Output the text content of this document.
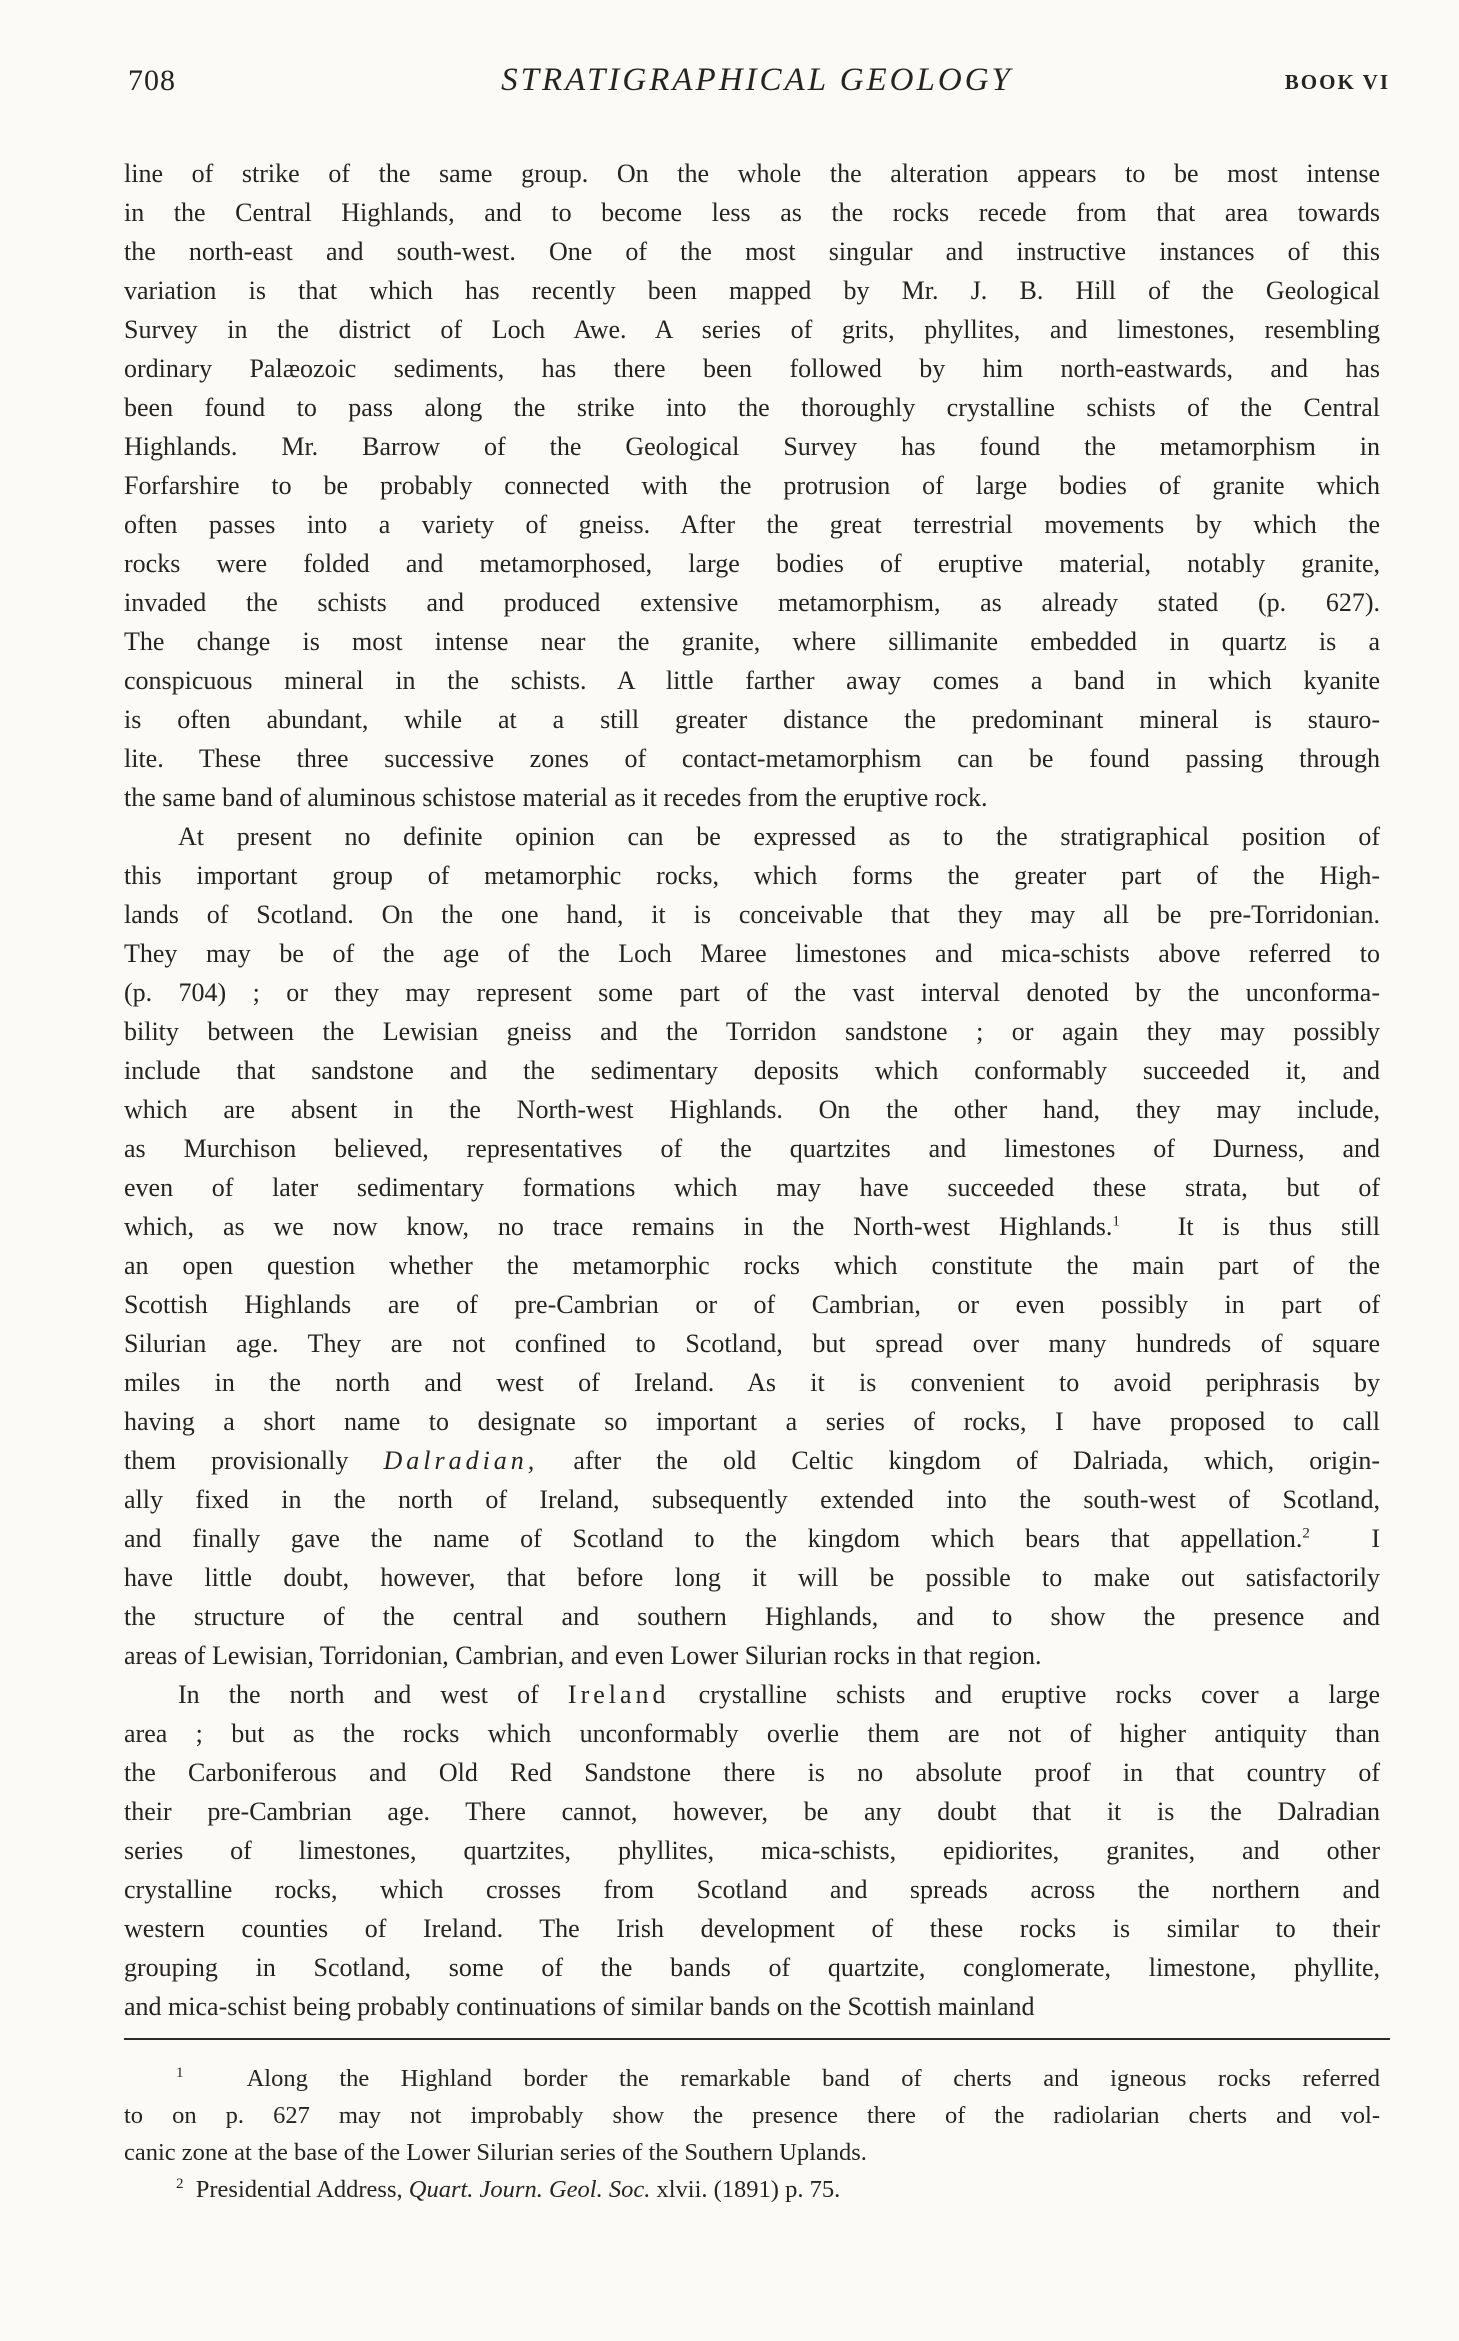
708	STRATIGRAPHICAL GEOLOGY	BOOK VI
line of strike of the same group. On the whole the alteration appears to be most intense
in the Central Highlands, and to become less as the rocks recede from that area towards
the north-east and south-west. One of the most singular and instructive instances of this
variation is that which has recently been mapped by Mr. J. B. Hill of the Geological
Survey in the district of Loch Awe. A series of grits, phyllites, and limestones, resembling
ordinary Palæozoic sediments, has there been followed by him north-eastwards, and has
been found to pass along the strike into the thoroughly crystalline schists of the Central
Highlands. Mr. Barrow of the Geological Survey has found the metamorphism in
Forfarshire to be probably connected with the protrusion of large bodies of granite which
often passes into a variety of gneiss. After the great terrestrial movements by which the
rocks were folded and metamorphosed, large bodies of eruptive material, notably granite,
invaded the schists and produced extensive metamorphism, as already stated (p. 627).
The change is most intense near the granite, where sillimanite embedded in quartz is a
conspicuous mineral in the schists. A little farther away comes a band in which kyanite
is often abundant, while at a still greater distance the predominant mineral is stauro-
lite. These three successive zones of contact-metamorphism can be found passing through
the same band of aluminous schistose material as it recedes from the eruptive rock.
At present no definite opinion can be expressed as to the stratigraphical position of
this important group of metamorphic rocks, which forms the greater part of the High-
lands of Scotland. On the one hand, it is conceivable that they may all be pre-Torridonian.
They may be of the age of the Loch Maree limestones and mica-schists above referred to
(p. 704) ; or they may represent some part of the vast interval denoted by the unconforma-
bility between the Lewisian gneiss and the Torridon sandstone ; or again they may possibly
include that sandstone and the sedimentary deposits which conformably succeeded it, and
which are absent in the North-west Highlands. On the other hand, they may include,
as Murchison believed, representatives of the quartzites and limestones of Durness, and
even of later sedimentary formations which may have succeeded these strata, but of
which, as we now know, no trace remains in the North-west Highlands.$^1$ It is thus still
an open question whether the metamorphic rocks which constitute the main part of the
Scottish Highlands are of pre-Cambrian or of Cambrian, or even possibly in part of
Silurian age. They are not confined to Scotland, but spread over many hundreds of square
miles in the north and west of Ireland. As it is convenient to avoid periphrasis by
having a short name to designate so important a series of rocks, I have proposed to call
them provisionally Dalradian, after the old Celtic kingdom of Dalriada, which, origin-
ally fixed in the north of Ireland, subsequently extended into the south-west of Scotland,
and finally gave the name of Scotland to the kingdom which bears that appellation.$^2$ I
have little doubt, however, that before long it will be possible to make out satisfactorily
the structure of the central and southern Highlands, and to show the presence and
areas of Lewisian, Torridonian, Cambrian, and even Lower Silurian rocks in that region.
In the north and west of Ireland crystalline schists and eruptive rocks cover a large
area ; but as the rocks which unconformably overlie them are not of higher antiquity than
the Carboniferous and Old Red Sandstone there is no absolute proof in that country of
their pre-Cambrian age. There cannot, however, be any doubt that it is the Dalradian
series of limestones, quartzites, phyllites, mica-schists, epidiorites, granites, and other
crystalline rocks, which crosses from Scotland and spreads across the northern and
western counties of Ireland. The Irish development of these rocks is similar to their
grouping in Scotland, some of the bands of quartzite, conglomerate, limestone, phyllite,
and mica-schist being probably continuations of similar bands on the Scottish mainland
$^1$	Along the Highland border the remarkable band of cherts and igneous rocks referred
to on p. 627 may not improbably show the presence there of the radiolarian cherts and vol-
canic zone at the base of the Lower Silurian series of the Southern Uplands.
$^2$ Presidential Address, Quart. Journ. Geol. Soc. xlvii. (1891) p. 75.
